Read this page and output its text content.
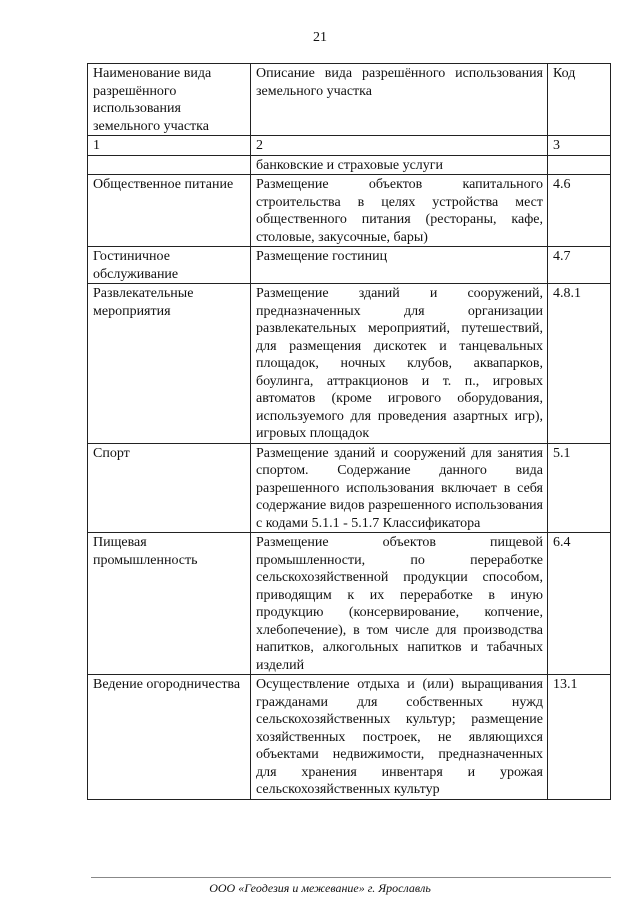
21
Наименование вида разрешённого использования земельного участка	Описание вида разрешённого использования земельного участка	Код
1	2	3
	банковские и страховые услуги	
Общественное питание	Размещение объектов капитального строительства в целях устройства мест общественного питания (рестораны, кафе, столовые, закусочные, бары)	4.6
Гостиничное обслуживание	Размещение гостиниц	4.7
Развлекательные мероприятия	Размещение зданий и сооружений, предназначенных для организации развлекательных мероприятий, путешествий, для размещения дискотек и танцевальных площадок, ночных клубов, аквапарков, боулинга, аттракционов и т. п., игровых автоматов (кроме игрового оборудования, используемого для проведения азартных игр), игровых площадок	4.8.1
Спорт	Размещение зданий и сооружений для занятия спортом. Содержание данного вида разрешенного использования включает в себя содержание видов разрешенного использования с кодами 5.1.1 - 5.1.7 Классификатора	5.1
Пищевая промышленность	Размещение объектов пищевой промышленности, по переработке сельскохозяйственной продукции способом, приводящим к их переработке в иную продукцию (консервирование, копчение, хлебопечение), в том числе для производства напитков, алкогольных напитков и табачных изделий	6.4
Ведение огородничества	Осуществление отдыха и (или) выращивания гражданами для собственных нужд сельскохозяйственных культур; размещение хозяйственных построек, не являющихся объектами недвижимости, предназначенных для хранения инвентаря и урожая сельскохозяйственных культур	13.1
ООО «Геодезия и межевание» г. Ярославль
